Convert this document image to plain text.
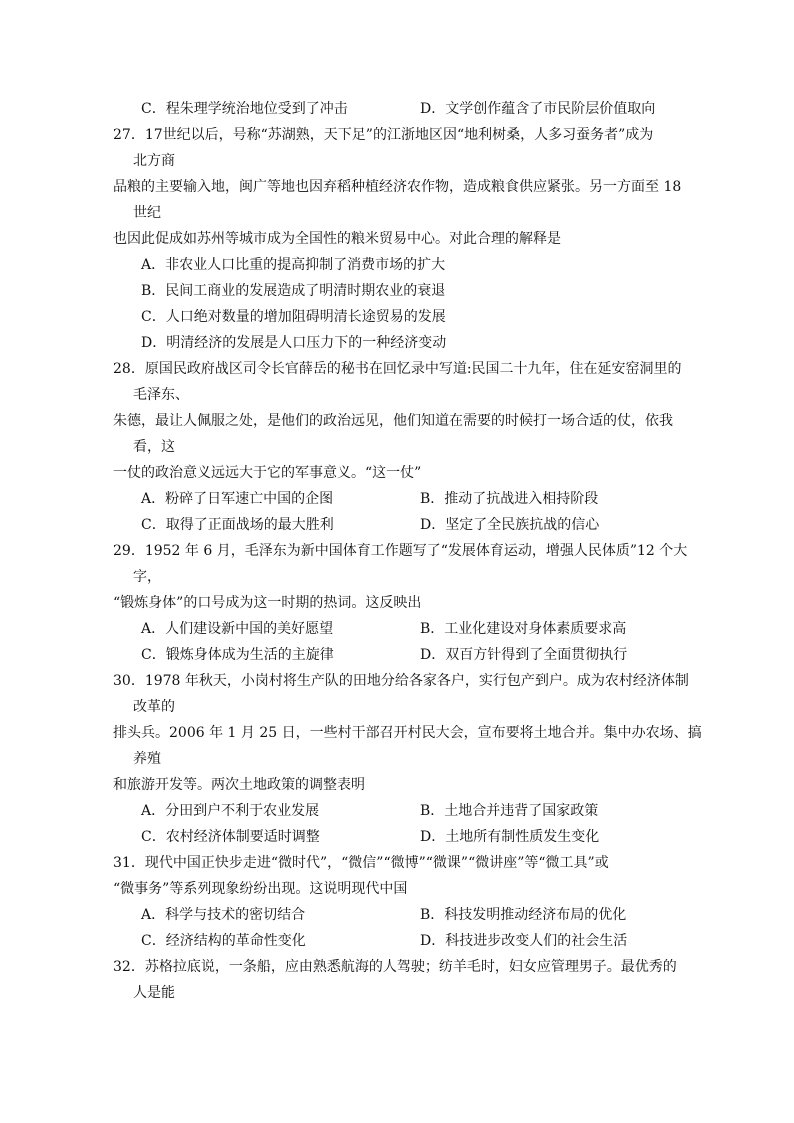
C．程朱理学统治地位受到了冲击	D．文学创作蕴含了市民阶层价值取向
27．17世纪以后，号称“苏湖熟，天下足”的江浙地区因“地利树桑，人多习蚕务者”成为
北方商
品粮的主要输入地，闽广等地也因弃稻种植经济农作物，造成粮食供应紧张。另一方面至 18
世纪
也因此促成如苏州等城市成为全国性的粮米贸易中心。对此合理的解释是
A．非农业人口比重的提高抑制了消费市场的扩大
B．民间工商业的发展造成了明清时期农业的衰退
C．人口绝对数量的增加阻碍明清长途贸易的发展
D．明清经济的发展是人口压力下的一种经济变动
28．原国民政府战区司令长官薛岳的秘书在回忆录中写道:民国二十九年，住在延安窑洞里的
毛泽东、
朱德，最让人佩服之处，是他们的政治远见，他们知道在需要的时候打一场合适的仗，依我
看，这
一仗的政治意义远远大于它的军事意义。“这一仗”
A．粉碎了日军速亡中国的企图	B．推动了抗战进入相持阶段
C．取得了正面战场的最大胜利	D．坚定了全民族抗战的信心
29．1952 年 6 月，毛泽东为新中国体育工作题写了“发展体育运动，增强人民体质”12 个大
字，
“锻炼身体”的口号成为这一时期的热词。这反映出
A．人们建设新中国的美好愿望	B．工业化建设对身体素质要求高
C．锻炼身体成为生活的主旋律	D．双百方针得到了全面贯彻执行
30．1978 年秋天，小岗村将生产队的田地分给各家各户，实行包产到户。成为农村经济体制
改革的
排头兵。2006 年 1 月 25 日，一些村干部召开村民大会，宣布要将土地合并。集中办农场、搞
养殖
和旅游开发等。两次土地政策的调整表明
A．分田到户不利于农业发展	B．土地合并违背了国家政策
C．农村经济体制要适时调整	D．土地所有制性质发生变化
31．现代中国正快步走进“微时代”，“微信”“微博”“微课”“微讲座”等“微工具”或
“微事务”等系列现象纷纷出现。这说明现代中国
A．科学与技术的密切结合	B．科技发明推动经济布局的优化
C．经济结构的革命性变化	D．科技进步改变人们的社会生活
32．苏格拉底说，一条船，应由熟悉航海的人驾驶；纺羊毛时，妇女应管理男子。最优秀的
人是能
